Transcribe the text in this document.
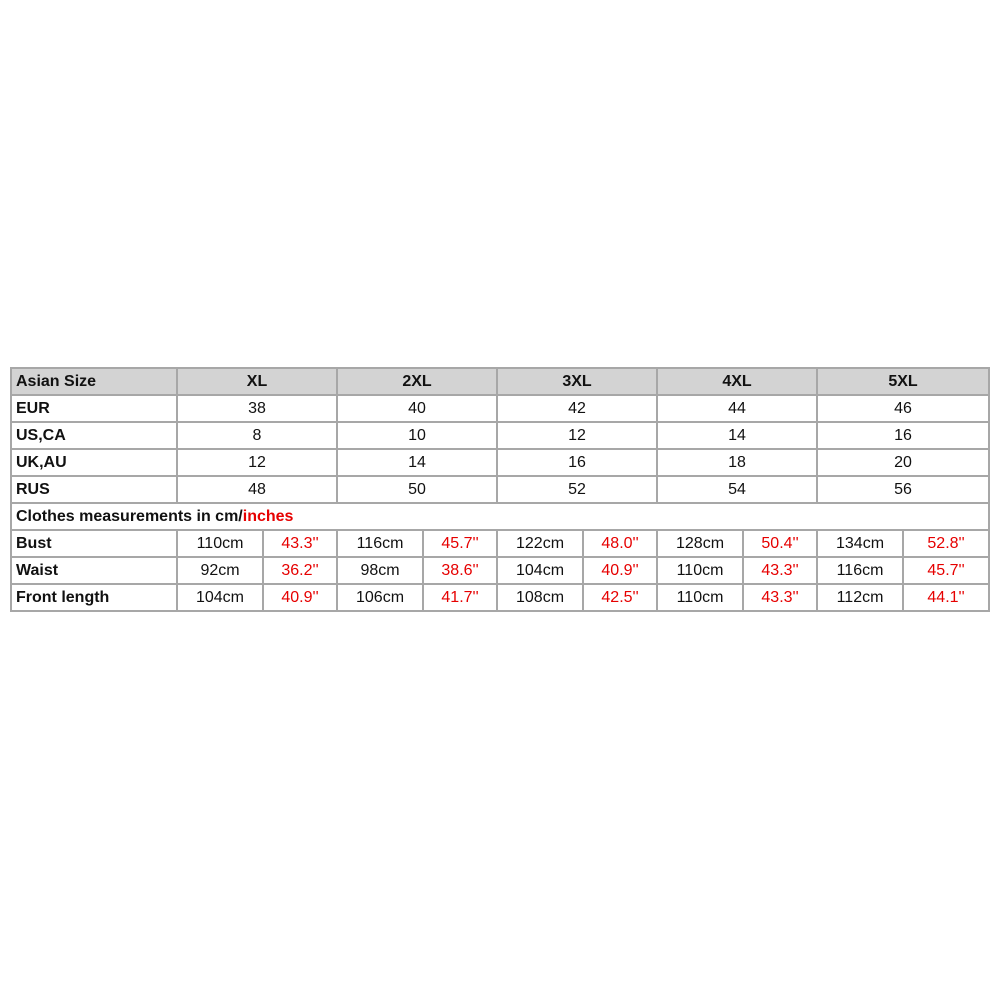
Asian Size	XL		2XL		3XL		4XL		5XL	
EUR	38		40		42		44		46	
US,CA	8		10		12		14		16	
UK,AU	12		14		16		18		20	
RUS	48		50		52		54		56	
Clothes measurements in cm/inches										
Bust	110cm	43.3''	116cm	45.7''	122cm	48.0''	128cm	50.4''	134cm	52.8''
Waist	92cm	36.2''	98cm	38.6''	104cm	40.9''	110cm	43.3''	116cm	45.7''
Front length	104cm	40.9''	106cm	41.7''	108cm	42.5''	110cm	43.3''	112cm	44.1''
